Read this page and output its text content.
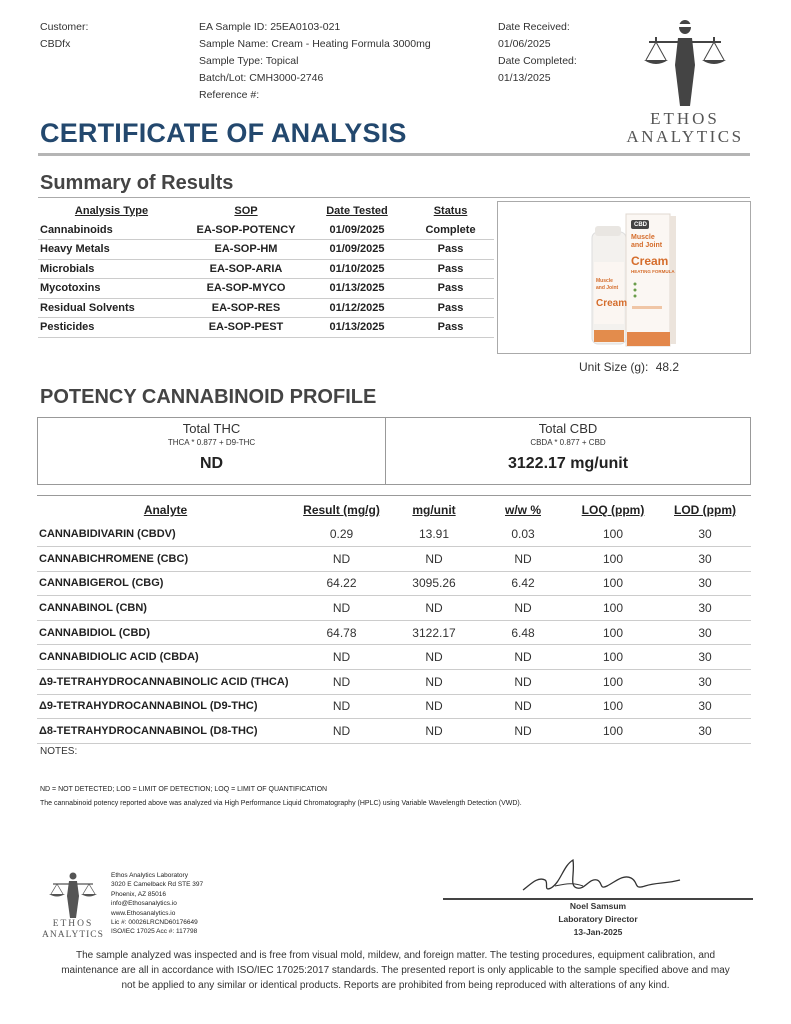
Customer:
CBDfx
EA Sample ID: 25EA0103-021
Sample Name: Cream - Heating Formula 3000mg
Sample Type: Topical
Batch/Lot: CMH3000-2746
Reference #:
Date Received:
01/06/2025
Date Completed:
01/13/2025
ETHOS
ANALYTICS
CERTIFICATE OF ANALYSIS
Summary of Results
Analysis Type	SOP	Date Tested	Status
Cannabinoids	EA-SOP-POTENCY	01/09/2025	Complete
Heavy Metals	EA-SOP-HM	01/09/2025	Pass
Microbials	EA-SOP-ARIA	01/10/2025	Pass
Mycotoxins	EA-SOP-MYCO	01/13/2025	Pass
Residual Solvents	EA-SOP-RES	01/12/2025	Pass
Pesticides	EA-SOP-PEST	01/13/2025	Pass
CBD
Muscle
and Joint
Cream
HEATING FORMULA
Muscle
and Joint
Cream
Unit Size (g): 48.2
POTENCY CANNABINOID PROFILE
Total THC
THCA * 0.877 + D9-THC
ND
Total CBD
CBDA * 0.877 + CBD
3122.17 mg/unit
Analyte	Result (mg/g)	mg/unit	w/w %	LOQ (ppm)	LOD (ppm)
CANNABIDIVARIN (CBDV)	0.29	13.91	0.03	100	30
CANNABICHROMENE (CBC)	ND	ND	ND	100	30
CANNABIGEROL (CBG)	64.22	3095.26	6.42	100	30
CANNABINOL (CBN)	ND	ND	ND	100	30
CANNABIDIOL (CBD)	64.78	3122.17	6.48	100	30
CANNABIDIOLIC ACID (CBDA)	ND	ND	ND	100	30
Δ9-TETRAHYDROCANNABINOLIC ACID (THCA)	ND	ND	ND	100	30
Δ9-TETRAHYDROCANNABINOL (D9-THC)	ND	ND	ND	100	30
Δ8-TETRAHYDROCANNABINOL (D8-THC)	ND	ND	ND	100	30
NOTES:
ND = NOT DETECTED; LOD = LIMIT OF DETECTION; LOQ = LIMIT OF QUANTIFICATION
The cannabinoid potency reported above was analyzed via High Performance Liquid Chromatography (HPLC) using Variable Wavelength Detection (VWD).
ETHOS
ANALYTICS
Ethos Analytics Laboratory
3020 E Camelback Rd STE 397
Phoenix, AZ 85016
info@Ethosanalytics.io
www.Ethosanalytics.io
Lic #: 00026LRCND60176649
ISO/IEC 17025 Acc #: 117798
Noel Samsum
Laboratory Director
13-Jan-2025
The sample analyzed was inspected and is free from visual mold, mildew, and foreign matter. The testing procedures, equipment calibration, and
maintenance are all in accordance with ISO/IEC 17025:2017 standards. The presented report is only applicable to the sample specified above and may
not be applied to any similar or identical products. Reports are prohibited from being reproduced with alterations of any kind.
